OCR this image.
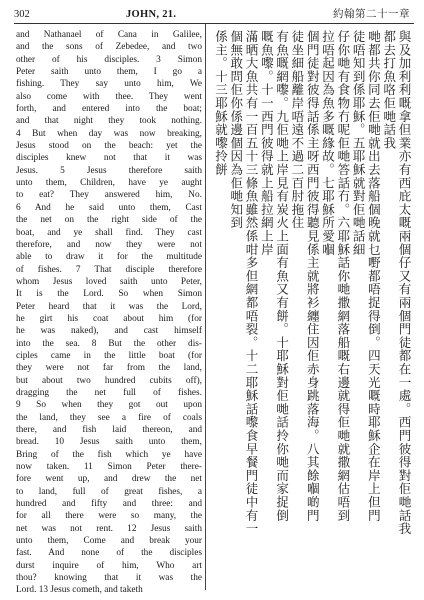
302	JOHN, 21.	約翰第二十一章
and Nathanael of Cana in Galilee,
and the sons of Zebedee, and two
other of his disciples. 3 Simon
Peter saith unto them, I go a
fishing. They say unto him, We
also come with thee. They went
forth, and entered into the boat;
and that night they took nothing.
4 But when day was now breaking,
Jesus stood on the beach: yet the
disciples knew not that it was
Jesus. 5 Jesus therefore saith
unto them, Children, have ye aught
to eat? They answered him, No.
6 And he said unto them, Cast
the net on the right side of the
boat, and ye shall find. They cast
therefore, and now they were not
able to draw it for the multitude
of fishes. 7 That disciple therefore
whom Jesus loved saith unto Peter,
It is the Lord. So when Simon
Peter heard that it was the Lord,
he girt his coat about him (for
he was naked), and cast himself
into the sea. 8 But the other dis-
ciples came in the little boat (for
they were not far from the land,
but about two hundred cubits off),
dragging the net full of fishes.
9 So when they got out upon
the land, they see a fire of coals
there, and fish laid thereon, and
bread. 10 Jesus saith unto them,
Bring of the fish which ye have
now taken. 11 Simon Peter there-
fore went up, and drew the net
to land, full of great fishes, a
hundred and fifty and three: and
for all there were so many, the
net was not rent. 12 Jesus saith
unto them, Come and break your
fast. And none of the disciples
durst inquire of him, Who art
thou? knowing that it was the
Lord. 13 Jesus cometh, and taketh
與及加利利嘅拿但業亦有西庇太嘅兩個仔又有兩個門徒都在一處。西門彼得對佢哋話我
都去打魚咯佢哋話我
哋都共你同去佢哋就出去落船個晚就乜嘢都唔捉得倒。四天光嘅時耶穌企在岸上但門
徒唔知到係耶穌。五耶穌就對佢哋話細
仔你哋有食物冇呢佢哋答話冇。六耶穌話你哋撒網落船嘅右邊就得佢哋就撒網估唔到
拉唔起因為魚多嘅緣故。七耶穌所愛嗰
個門徒對彼得話係主呀西門彼得聽見係主就將衫纏住因佢赤身跳落海。八其餘嗰啲門
徒坐細船離岸唔遠不過二百肘拖住
有魚嘅網嚟。九佢哋上岸見有炭火上面有魚又有餅。十耶穌對佢哋話拎你哋而家捉倒
嘅魚嚟。十一西門彼得就上船拉網上岸
滿晒大魚共有一百五十三條魚雖然係咁多但網都唔裂。十二耶穌話嚟食早餐門徒中有一
個無敢問佢你係邊個因為佢哋知到
係主。十三耶穌就嚟拎餅
